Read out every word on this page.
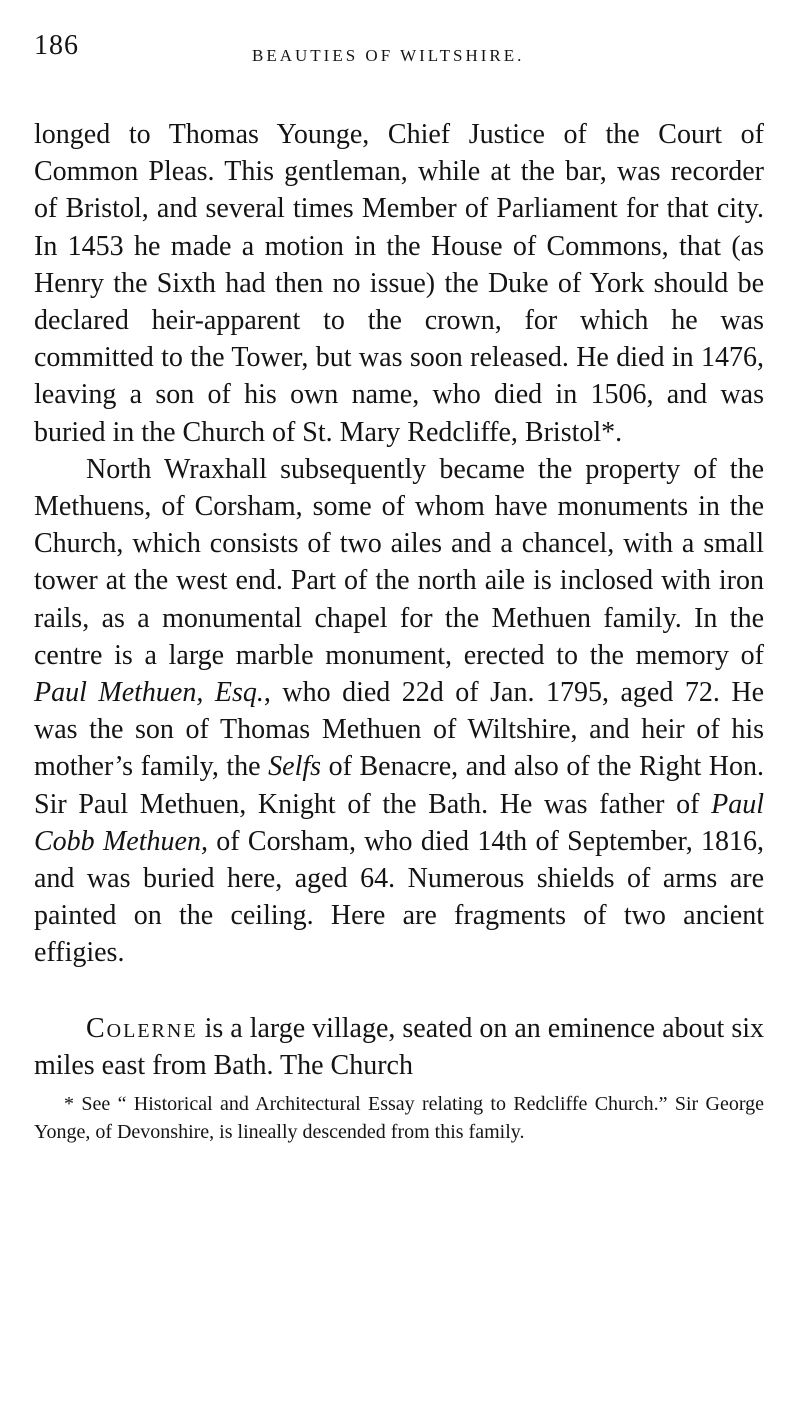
186	BEAUTIES OF WILTSHIRE.

longed to Thomas Younge, Chief Justice of the Court of Common Pleas. This gentleman, while at the bar, was recorder of Bristol, and several times Member of Parliament for that city. In 1453 he made a motion in the House of Commons, that (as Henry the Sixth had then no issue) the Duke of York should be declared heir-apparent to the crown, for which he was committed to the Tower, but was soon released. He died in 1476, leaving a son of his own name, who died in 1506, and was buried in the Church of St. Mary Redcliffe, Bristol*.

North Wraxhall subsequently became the property of the Methuens, of Corsham, some of whom have monuments in the Church, which consists of two ailes and a chancel, with a small tower at the west end. Part of the north aile is inclosed with iron rails, as a monumental chapel for the Methuen family. In the centre is a large marble monument, erected to the memory of Paul Methuen, Esq., who died 22d of Jan. 1795, aged 72. He was the son of Thomas Methuen of Wiltshire, and heir of his mother’s family, the Selfs of Benacre, and also of the Right Hon. Sir Paul Methuen, Knight of the Bath. He was father of Paul Cobb Methuen, of Corsham, who died 14th of September, 1816, and was buried here, aged 64. Numerous shields of arms are painted on the ceiling. Here are fragments of two ancient effigies.

Colerne is a large village, seated on an eminence about six miles east from Bath. The Church

* See “ Historical and Architectural Essay relating to Redcliffe Church.” Sir George Yonge, of Devonshire, is lineally descended from this family.
